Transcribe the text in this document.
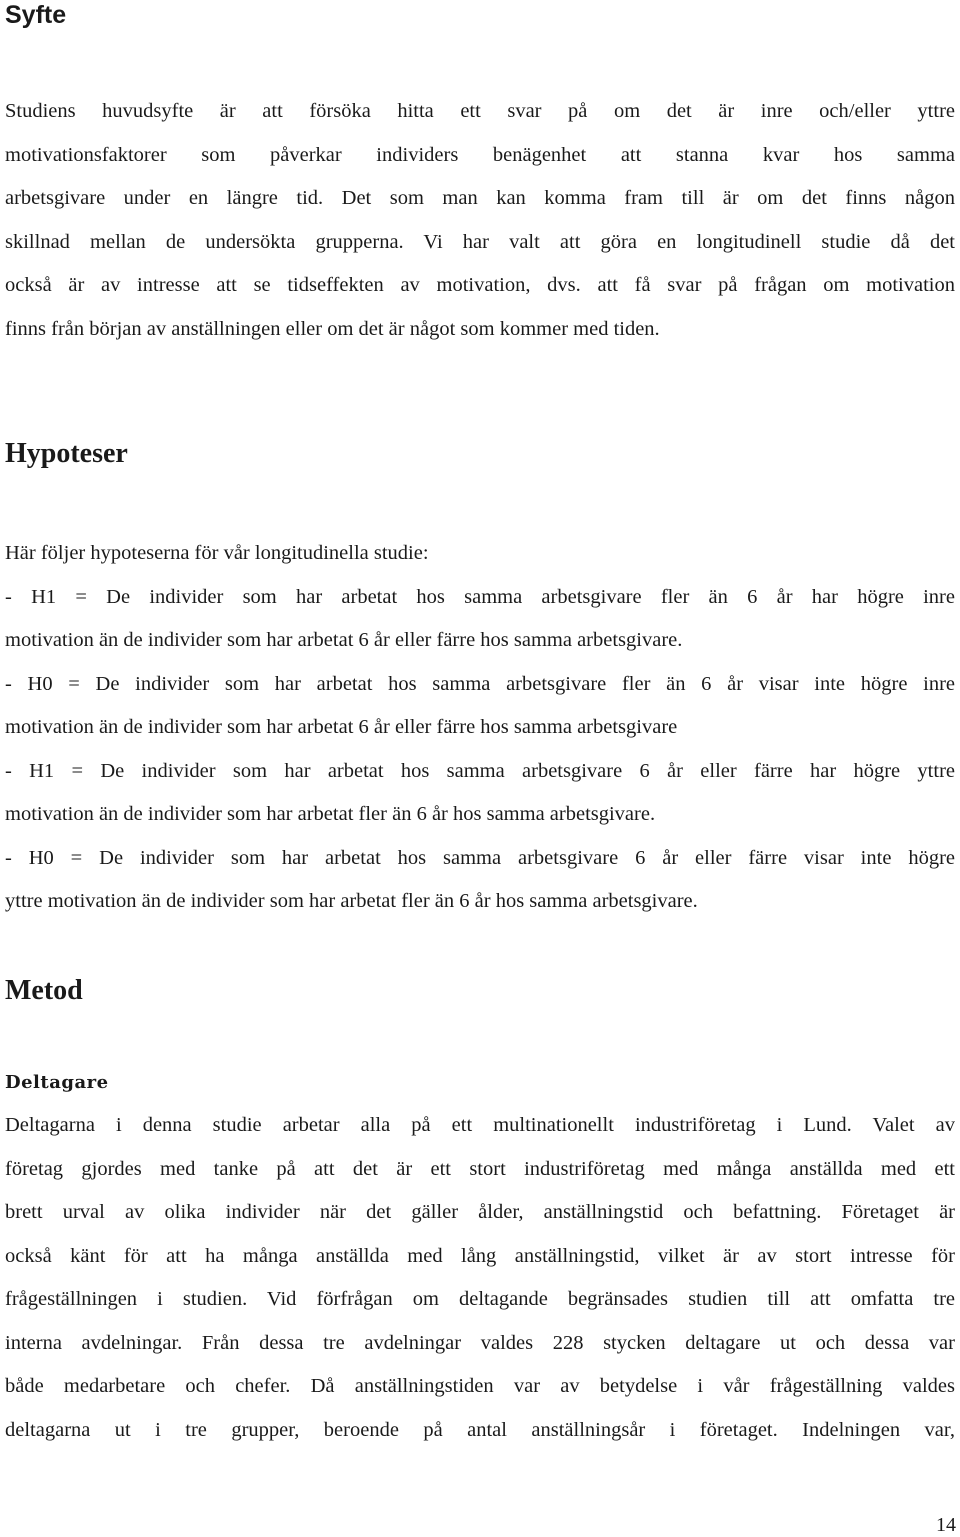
Syfte
Studiens huvudsyfte är att försöka hitta ett svar på om det är inre och/eller yttre
motivationsfaktorer som påverkar individers benägenhet att stanna kvar hos samma
arbetsgivare under en längre tid. Det som man kan komma fram till är om det finns någon
skillnad mellan de undersökta grupperna. Vi har valt att göra en longitudinell studie då det
också är av intresse att se tidseffekten av motivation, dvs. att få svar på frågan om motivation
finns från början av anställningen eller om det är något som kommer med tiden.
Hypoteser
Här följer hypoteserna för vår longitudinella studie:
- H1 = De individer som har arbetat hos samma arbetsgivare fler än 6 år har högre inre
motivation än de individer som har arbetat 6 år eller färre hos samma arbetsgivare.
- H0 = De individer som har arbetat hos samma arbetsgivare fler än 6 år visar inte högre inre
motivation än de individer som har arbetat 6 år eller färre hos samma arbetsgivare
- H1 = De individer som har arbetat hos samma arbetsgivare 6 år eller färre har högre yttre
motivation än de individer som har arbetat fler än 6 år hos samma arbetsgivare.
- H0 = De individer som har arbetat hos samma arbetsgivare 6 år eller färre visar inte högre
yttre motivation än de individer som har arbetat fler än 6 år hos samma arbetsgivare.
Metod
Deltagare
Deltagarna i denna studie arbetar alla på ett multinationellt industriföretag i Lund. Valet av
företag gjordes med tanke på att det är ett stort industriföretag med många anställda med ett
brett urval av olika individer när det gäller ålder, anställningstid och befattning. Företaget är
också känt för att ha många anställda med lång anställningstid, vilket är av stort intresse för
frågeställningen i studien. Vid förfrågan om deltagande begränsades studien till att omfatta tre
interna avdelningar. Från dessa tre avdelningar valdes 228 stycken deltagare ut och dessa var
både medarbetare och chefer. Då anställningstiden var av betydelse i vår frågeställning valdes
deltagarna ut i tre grupper, beroende på antal anställningsår i företaget. Indelningen var,
14
